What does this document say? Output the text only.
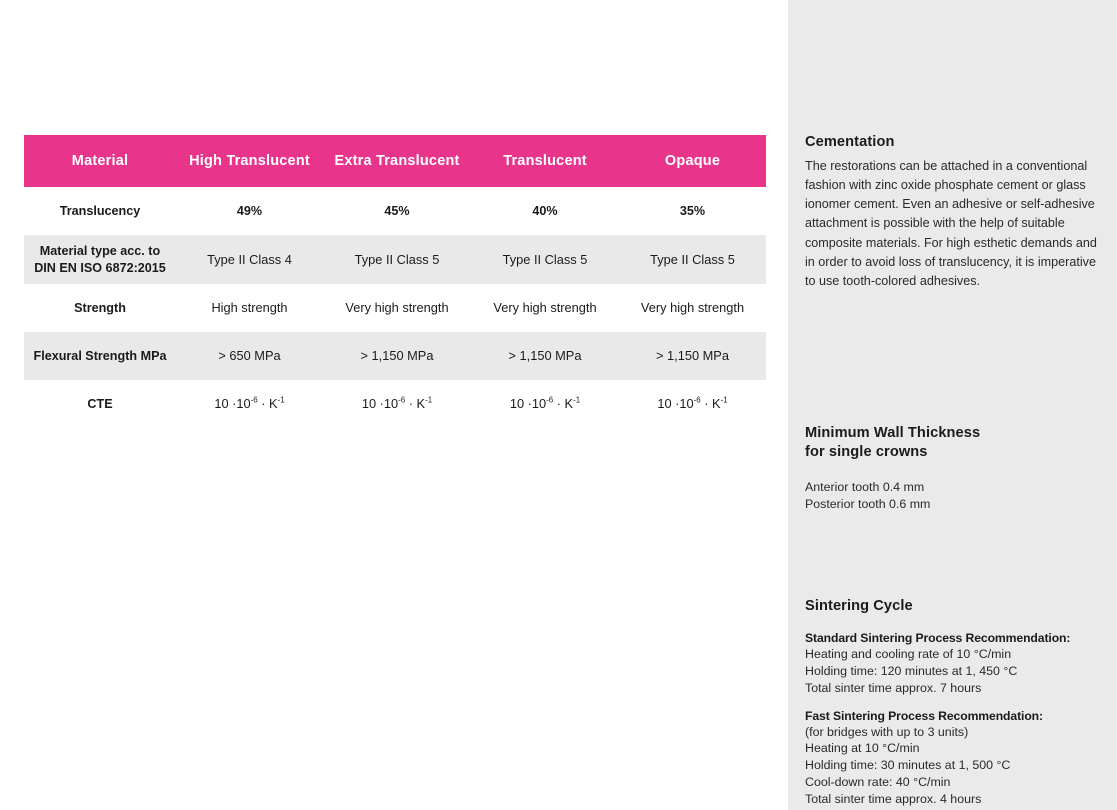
Material	High Translucent	Extra Translucent	Translucent	Opaque
Translucency	49%	45%	40%	35%
Material type acc. to
DIN EN ISO 6872:2015	Type II Class 4	Type II Class 5	Type II Class 5	Type II Class 5
Strength	High strength	Very high strength	Very high strength	Very high strength
Flexural Strength MPa	> 650 MPa	> 1,150 MPa	> 1,150 MPa	> 1,150 MPa
CTE	$10 \cdot 10^{-6} \cdot K^{-1}$	$10 \cdot 10^{-6} \cdot K^{-1}$	$10 \cdot 10^{-6} \cdot K^{-1}$	$10 \cdot 10^{-6} \cdot K^{-1}$
Cementation

The restorations can be attached in a conventional fashion with zinc oxide phosphate cement or glass ionomer cement. Even an adhesive or self-adhesive attachment is possible with the help of suitable composite materials. For high esthetic demands and in order to avoid loss of translucency, it is imperative to use tooth-colored adhesives.

Minimum Wall Thickness
for single crowns

Anterior tooth 0.4 mm

Posterior tooth 0.6 mm

Sintering Cycle

Standard Sintering Process Recommendation:

Heating and cooling rate of 10 °C/min

Holding time: 120 minutes at 1, 450 °C

Total sinter time approx. 7 hours

Fast Sintering Process Recommendation:

(for bridges with up to 3 units)

Heating at 10 °C/min

Holding time: 30 minutes at 1, 500 °C

Cool-down rate: 40 °C/min

Total sinter time approx. 4 hours
